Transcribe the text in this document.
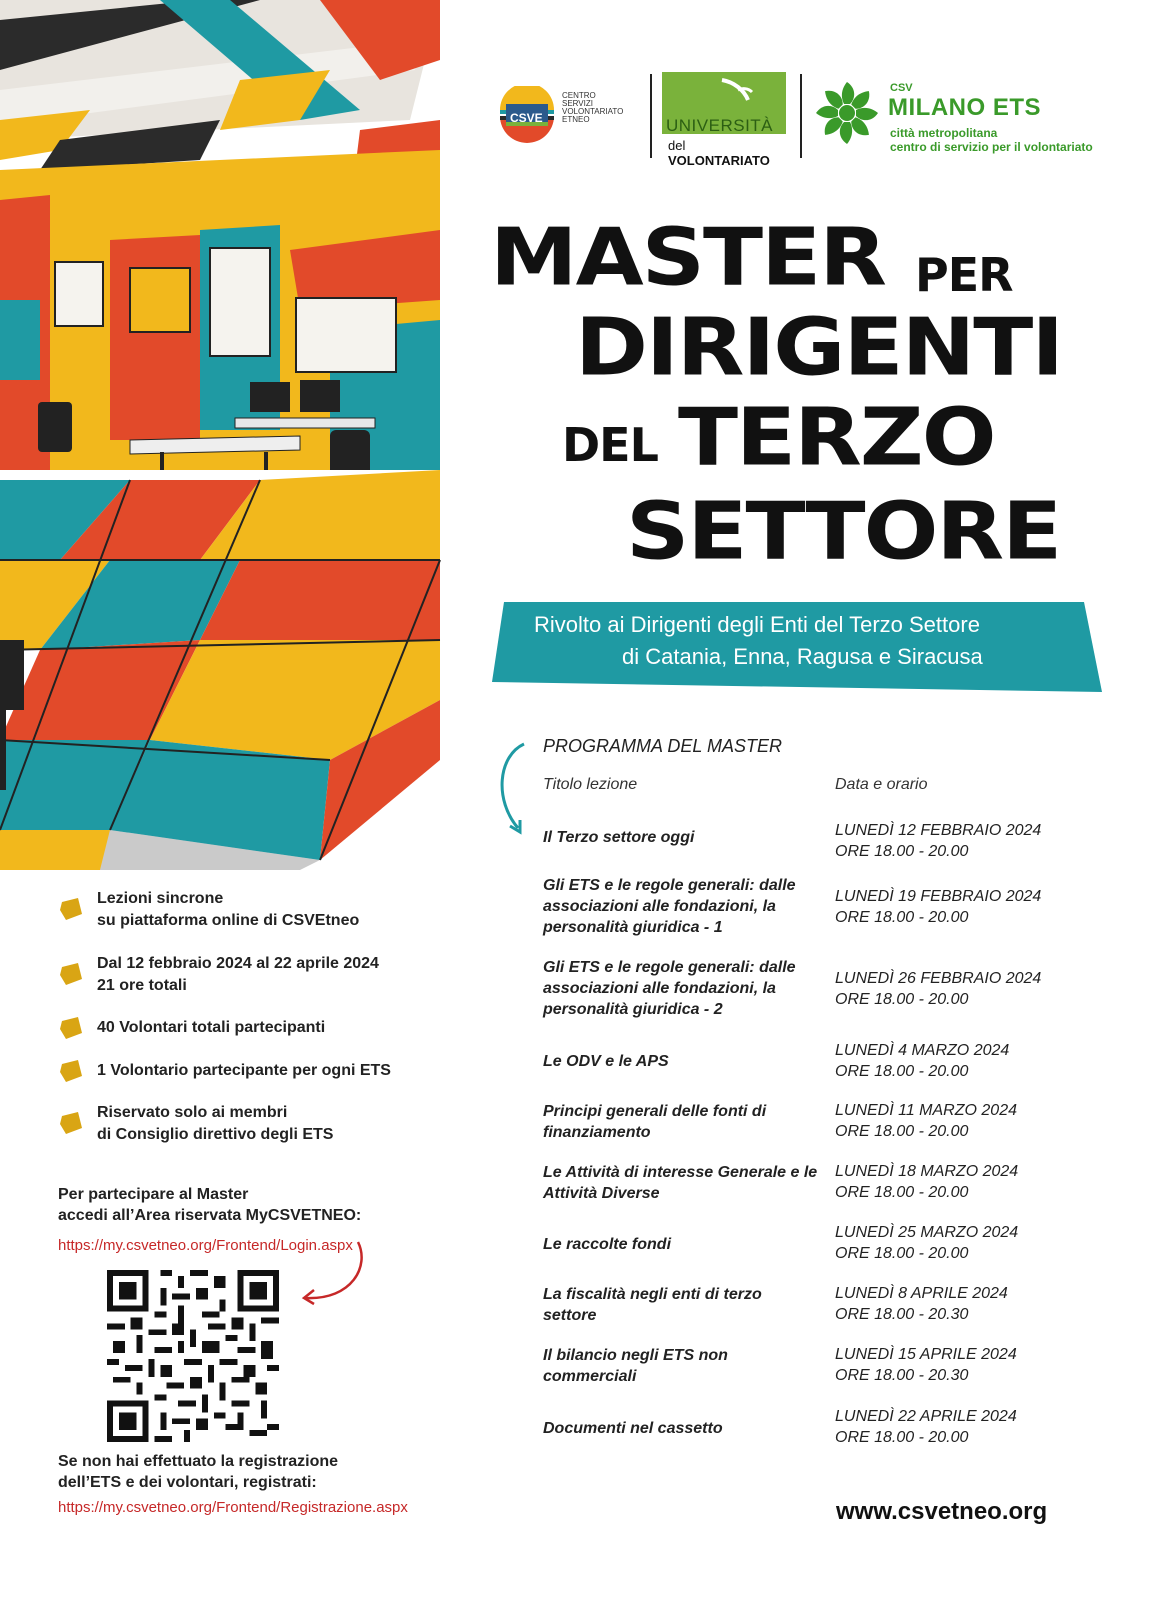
CSVE
CENTRO
SERVIZI
VOLONTARIATO
ETNEO	UNIVERSITÀ
del VOLONTARIATO
CSV
MILANO ETS
città metropolitana
centro di servizio per il volontariato
MASTER PER
DIRIGENTI
DEL TERZO
SETTORE
Rivolto ai Dirigenti degli Enti del Terzo Settore
di Catania, Enna, Ragusa e Siracusa
PROGRAMMA DEL MASTER
Titolo lezione	Data e orario
Il Terzo settore oggi	LUNEDÌ 12 FEBBRAIO 2024
ORE 18.00 - 20.00
Gli ETS e le regole generali: dalle associazioni alle fondazioni, la personalità giuridica - 1
LUNEDÌ 19 FEBBRAIO 2024
ORE 18.00 - 20.00
Gli ETS e le regole generali: dalle associazioni alle fondazioni, la personalità giuridica - 2
LUNEDÌ 26 FEBBRAIO 2024
ORE 18.00 - 20.00
Le ODV e le APS
LUNEDÌ 4 MARZO 2024
ORE 18.00 - 20.00
Principi generali delle fonti di finanziamento
LUNEDÌ 11 MARZO 2024
ORE 18.00 - 20.00
Le Attività di interesse Generale e le Attività Diverse
LUNEDÌ 18 MARZO 2024
ORE 18.00 - 20.00
Le raccolte fondi
LUNEDÌ 25 MARZO 2024
ORE 18.00 - 20.00
La fiscalità negli enti di terzo settore
LUNEDÌ 8 APRILE 2024
ORE 18.00 - 20.30
Il bilancio negli ETS non commerciali
LUNEDÌ 15 APRILE 2024
ORE 18.00 - 20.30
Documenti nel cassetto
LUNEDÌ 22 APRILE 2024
ORE 18.00 - 20.00
Lezioni sincrone
su piattaforma online di CSVEtneo
Dal 12 febbraio 2024 al 22 aprile 2024
21 ore totali
40 Volontari totali partecipanti
1 Volontario partecipante per ogni ETS
Riservato solo ai membri
di Consiglio direttivo degli ETS
Per partecipare al Master
accedi all’Area riservata MyCSVETNEO:
https://my.csvetneo.org/Frontend/Login.aspx
Se non hai effettuato la registrazione
dell’ETS e dei volontari, registrati:
https://my.csvetneo.org/Frontend/Registrazione.aspx	www.csvetneo.org
